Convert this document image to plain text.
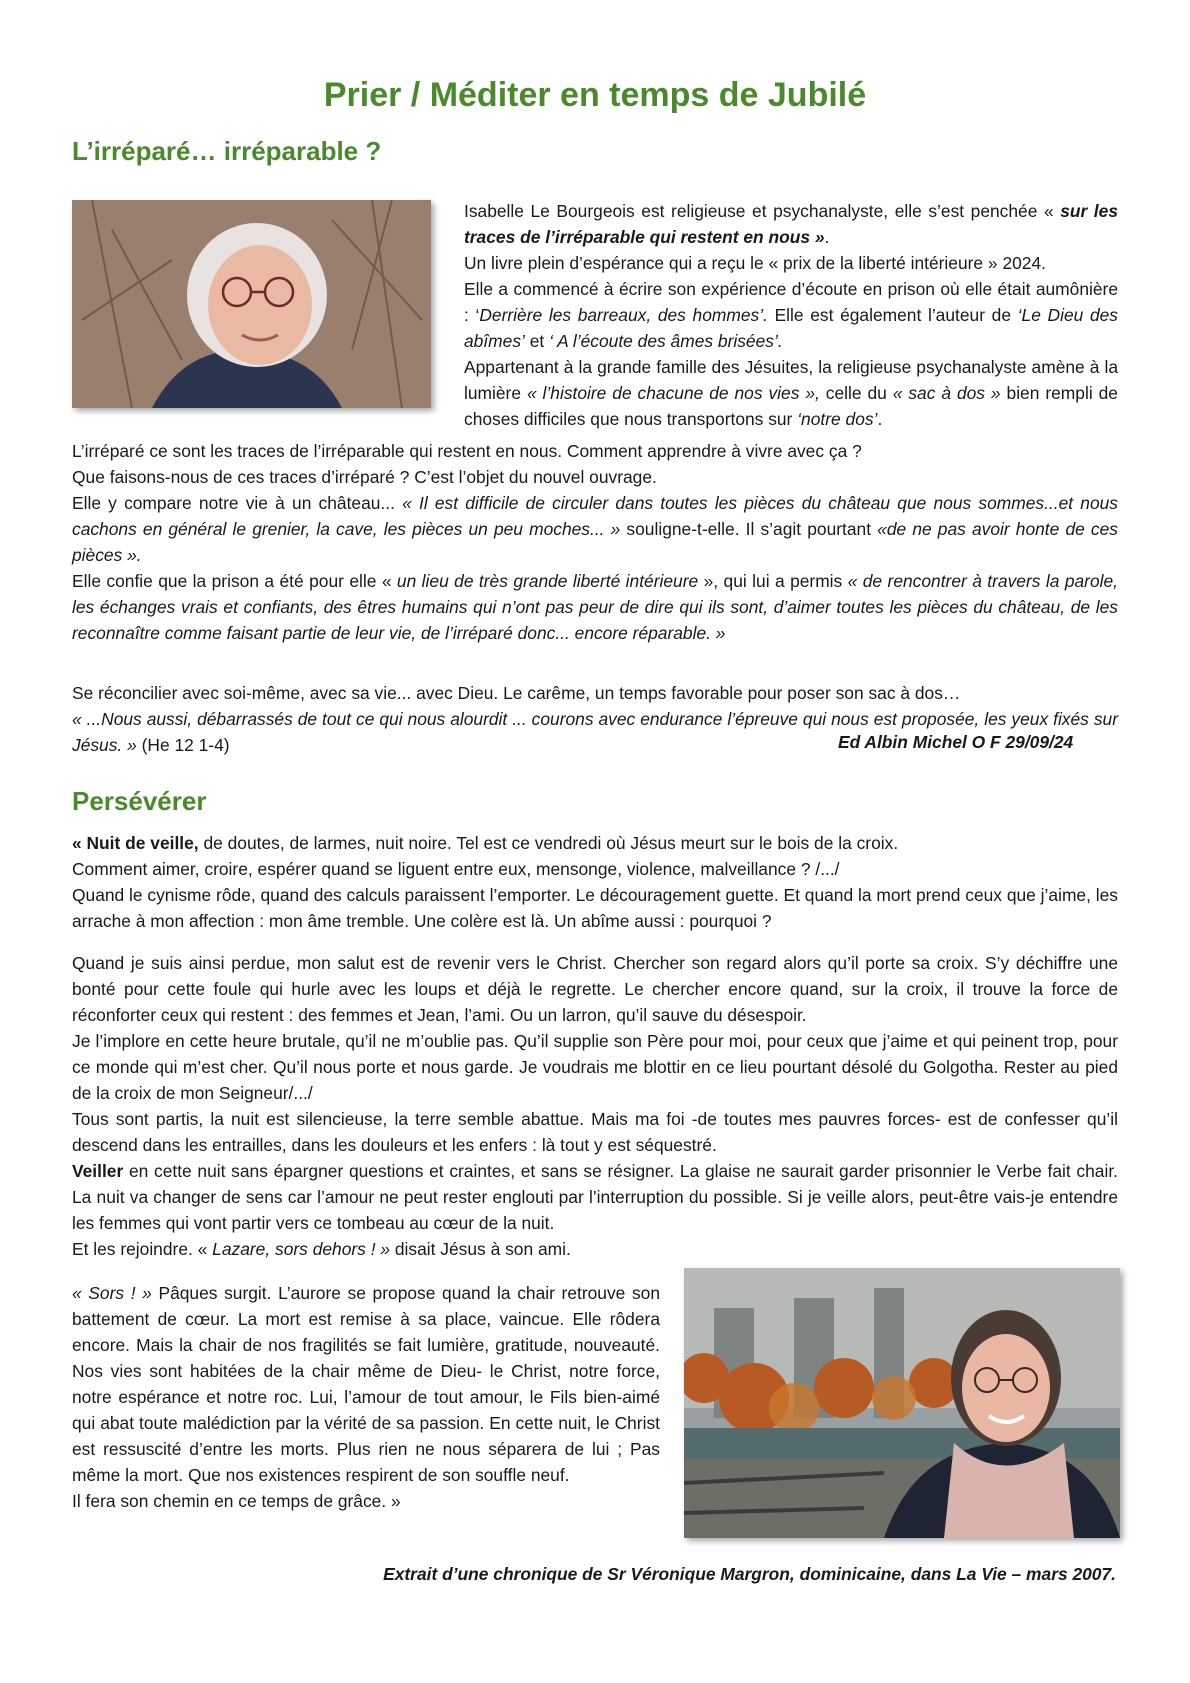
Prier / Méditer en temps de Jubilé
L’irréparé… irréparable ?

Isabelle Le Bourgeois est religieuse et psychanalyste, elle s’est penchée « sur les traces de l’irréparable qui restent en nous ».

Un livre plein d’espérance qui a reçu le « prix de la liberté intérieure » 2024.

Elle a commencé à écrire son expérience d’écoute en prison où elle était aumônière : ‘Derrière les barreaux, des hommes’. Elle est également l’auteur de ‘Le Dieu des abîmes’ et ‘ A l’écoute des âmes brisées’.

Appartenant à la grande famille des Jésuites, la religieuse psychanalyste amène à la lumière « l’histoire de chacune de nos vies », celle du « sac à dos » bien rempli de choses difficiles que nous transportons sur ‘notre dos’.

L’irréparé ce sont les traces de l’irréparable qui restent en nous. Comment apprendre à vivre avec ça ?

Que faisons-nous de ces traces d’irréparé ? C’est l’objet du nouvel ouvrage.

Elle y compare notre vie à un château... « Il est difficile de circuler dans toutes les pièces du château que nous sommes...et nous cachons en général le grenier, la cave, les pièces un peu moches... » souligne-t-elle. Il s’agit pourtant «de ne pas avoir honte de ces pièces ».

Elle confie que la prison a été pour elle « un lieu de très grande liberté intérieure », qui lui a permis « de rencontrer à travers la parole, les échanges vrais et confiants, des êtres humains qui n’ont pas peur de dire qui ils sont, d’aimer toutes les pièces du château, de les reconnaître comme faisant partie de leur vie, de l’irréparé donc... encore réparable. »

Se réconcilier avec soi-même, avec sa vie... avec Dieu. Le carême, un temps favorable pour poser son sac à dos…

« ...Nous aussi, débarrassés de tout ce qui nous alourdit ... courons avec endurance l’épreuve qui nous est proposée, les yeux fixés sur Jésus. » (He 12 1-4)	Ed Albin Michel O F 29/09/24
Persévérer

« Nuit de veille, de doutes, de larmes, nuit noire. Tel est ce vendredi où Jésus meurt sur le bois de la croix.

Comment aimer, croire, espérer quand se liguent entre eux, mensonge, violence, malveillance ? /.../

Quand le cynisme rôde, quand des calculs paraissent l’emporter. Le découragement guette. Et quand la mort prend ceux que j’aime, les arrache à mon affection : mon âme tremble. Une colère est là. Un abîme aussi : pourquoi ?

Quand je suis ainsi perdue, mon salut est de revenir vers le Christ. Chercher son regard alors qu’il porte sa croix. S’y déchiffre une bonté pour cette foule qui hurle avec les loups et déjà le regrette. Le chercher encore quand, sur la croix, il trouve la force de réconforter ceux qui restent : des femmes et Jean, l’ami. Ou un larron, qu’il sauve du désespoir.

Je l’implore en cette heure brutale, qu’il ne m’oublie pas. Qu’il supplie son Père pour moi, pour ceux que j’aime et qui peinent trop, pour ce monde qui m’est cher. Qu’il nous porte et nous garde. Je voudrais me blottir en ce lieu pourtant désolé du Golgotha. Rester au pied de la croix de mon Seigneur/.../

Tous sont partis, la nuit est silencieuse, la terre semble abattue. Mais ma foi -de toutes mes pauvres forces- est de confesser qu’il descend dans les entrailles, dans les douleurs et les enfers : là tout y est séquestré.

Veiller en cette nuit sans épargner questions et craintes, et sans se résigner. La glaise ne saurait garder prisonnier le Verbe fait chair. La nuit va changer de sens car l’amour ne peut rester englouti par l’interruption du possible. Si je veille alors, peut-être vais-je entendre les femmes qui vont partir vers ce tombeau au cœur de la nuit.

Et les rejoindre. « Lazare, sors dehors ! » disait Jésus à son ami.

« Sors ! » Pâques surgit. L’aurore se propose quand la chair retrouve son battement de cœur. La mort est remise à sa place, vaincue. Elle rôdera encore. Mais la chair de nos fragilités se fait lumière, gratitude, nouveauté. Nos vies sont habitées de la chair même de Dieu- le Christ, notre force, notre espérance et notre roc. Lui, l’amour de tout amour, le Fils bien-aimé qui abat toute malédiction par la vérité de sa passion. En cette nuit, le Christ est ressuscité d’entre les morts. Plus rien ne nous séparera de lui ; Pas même la mort. Que nos existences respirent de son souffle neuf.

Il fera son chemin en ce temps de grâce. »

Extrait d’une chronique de Sr Véronique Margron, dominicaine, dans La Vie – mars 2007.
